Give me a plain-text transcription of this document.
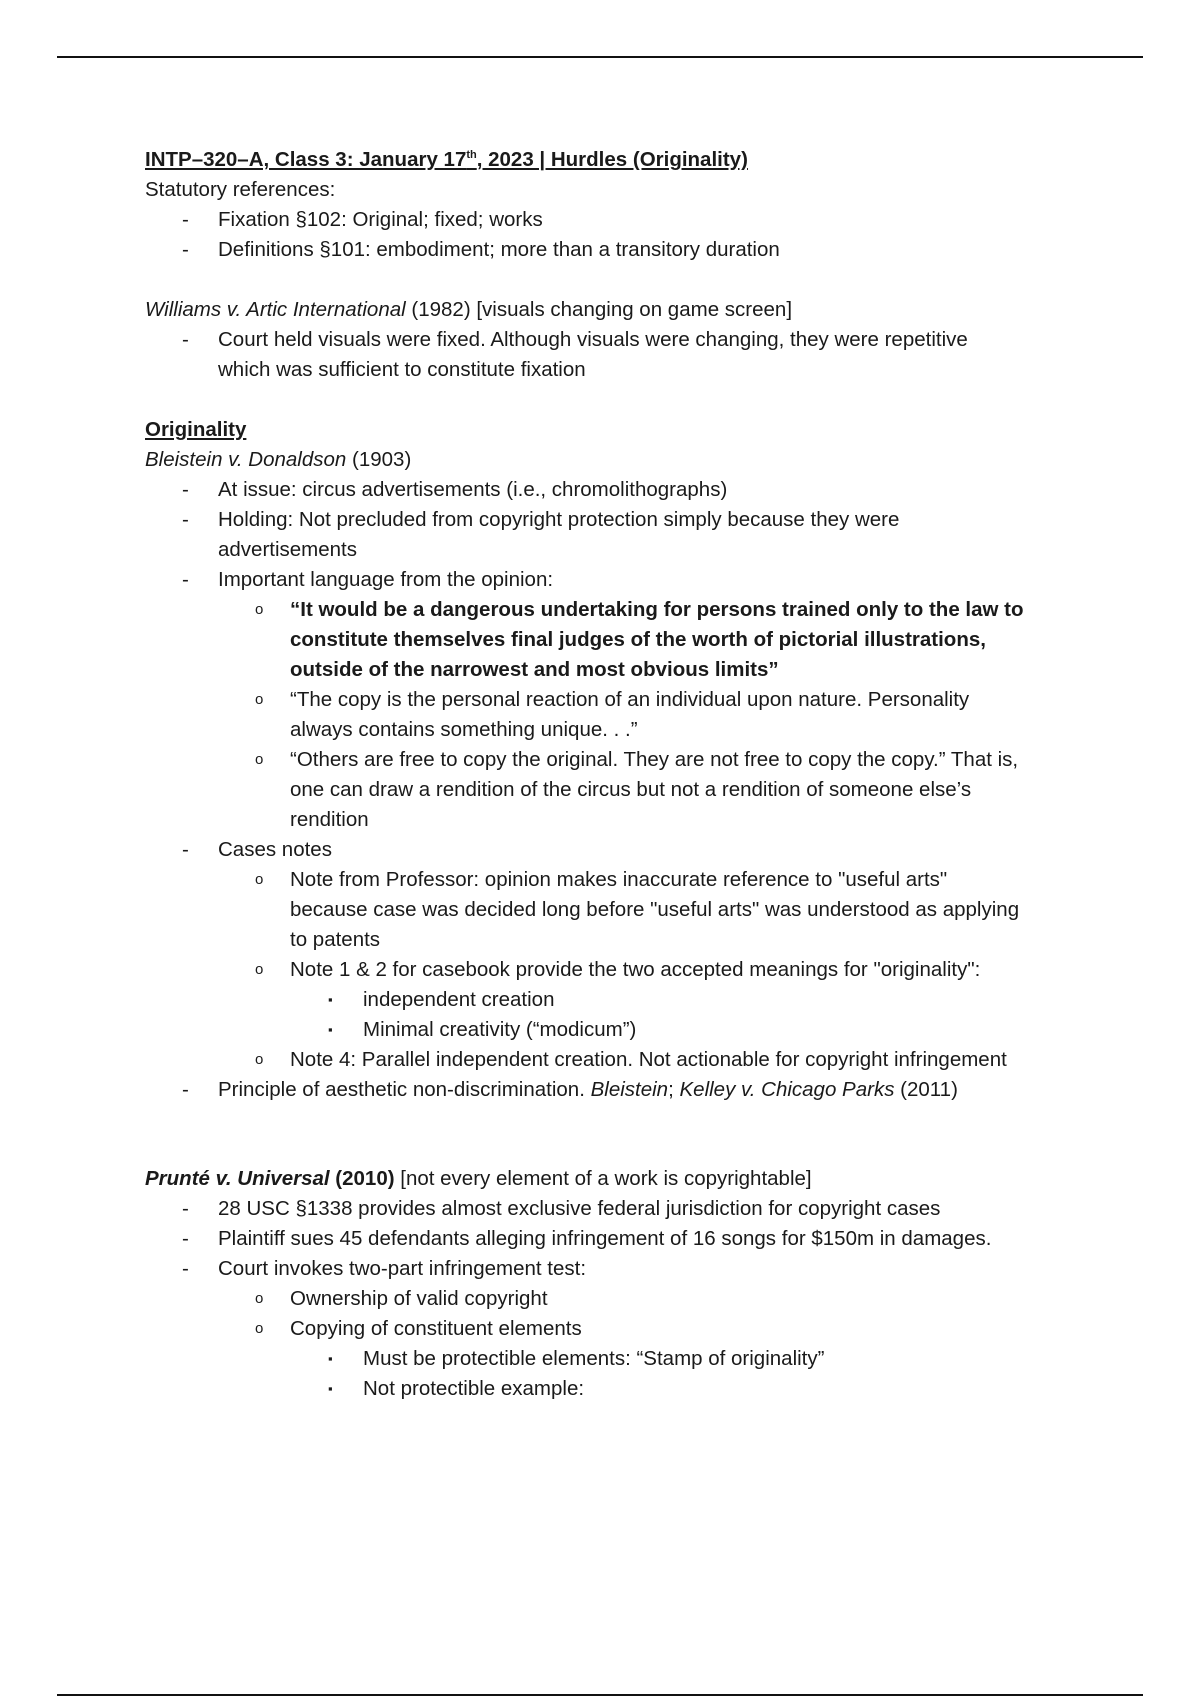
INTP–320–A, Class 3: January 17th, 2023 | Hurdles (Originality)
Statutory references:
- Fixation §102: Original; fixed; works
- Definitions §101: embodiment; more than a transitory duration
Williams v. Artic International (1982) [visuals changing on game screen]
- Court held visuals were fixed. Although visuals were changing, they were repetitive
which was sufficient to constitute fixation
Originality
Bleistein v. Donaldson (1903)
- At issue: circus advertisements (i.e., chromolithographs)
- Holding: Not precluded from copyright protection simply because they were
advertisements
- Important language from the opinion:
o “It would be a dangerous undertaking for persons trained only to the law to
constitute themselves final judges of the worth of pictorial illustrations,
outside of the narrowest and most obvious limits”
o “The copy is the personal reaction of an individual upon nature. Personality
always contains something unique. . .”
o “Others are free to copy the original. They are not free to copy the copy.” That is,
one can draw a rendition of the circus but not a rendition of someone else’s
rendition
- Cases notes
o Note from Professor: opinion makes inaccurate reference to "useful arts"
because case was decided long before "useful arts" was understood as applying
to patents
o Note 1 & 2 for casebook provide the two accepted meanings for "originality":
▪ independent creation
▪ Minimal creativity (“modicum”)
o Note 4: Parallel independent creation. Not actionable for copyright infringement
- Principle of aesthetic non-discrimination. Bleistein; Kelley v. Chicago Parks (2011)
Prunté v. Universal (2010) [not every element of a work is copyrightable]
- 28 USC §1338 provides almost exclusive federal jurisdiction for copyright cases
- Plaintiff sues 45 defendants alleging infringement of 16 songs for $150m in damages.
- Court invokes two-part infringement test:
o Ownership of valid copyright
o Copying of constituent elements
▪ Must be protectible elements: “Stamp of originality”
▪ Not protectible example:
